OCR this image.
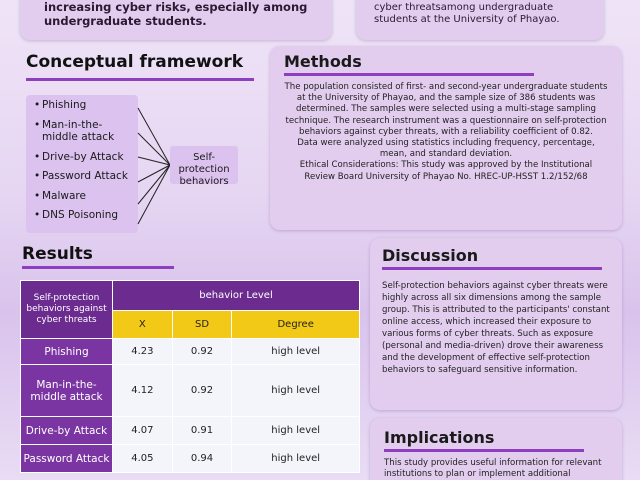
increasing cyber risks, especially among undergraduate students.

cyber threatsamong undergraduate students at the University of Phayao.

Conceptual framework
• Phishing
• Man-in-the-middle attack
• Drive-by Attack
• Password Attack
• Malware
• DNS Poisoning
Self-protection behaviors
Methods

The population consisted of first- and second-year undergraduate students at the University of Phayao, and the sample size of 386 students was determined. The samples were selected using a multi-stage sampling technique. The research instrument was a questionnaire on self-protection behaviors against cyber threats, with a reliability coefficient of 0.82.

Data were analyzed using statistics including frequency, percentage, mean, and standard deviation.

Ethical Considerations: This study was approved by the Institutional Review Board University of Phayao No. HREC-UP-HSST 1.2/152/68

Results
Self-protection behaviors against cyber threats	behavior Level		
	X	SD	Degree
Phishing	4.23	0.92	high level
Man-in-the-middle attack	4.12	0.92	high level
Drive-by Attack	4.07	0.91	high level
Password Attack	4.05	0.94	high level
Discussion

Self-protection behaviors against cyber threats were highly across all six dimensions among the sample group. This is attributed to the participants' constant online access, which increased their exposure to various forms of cyber threats. Such as exposure (personal and media-driven) drove their awareness and the development of effective self-protection behaviors to safeguard sensitive information.

Implications

This study provides useful information for relevant institutions to plan or implement additional
